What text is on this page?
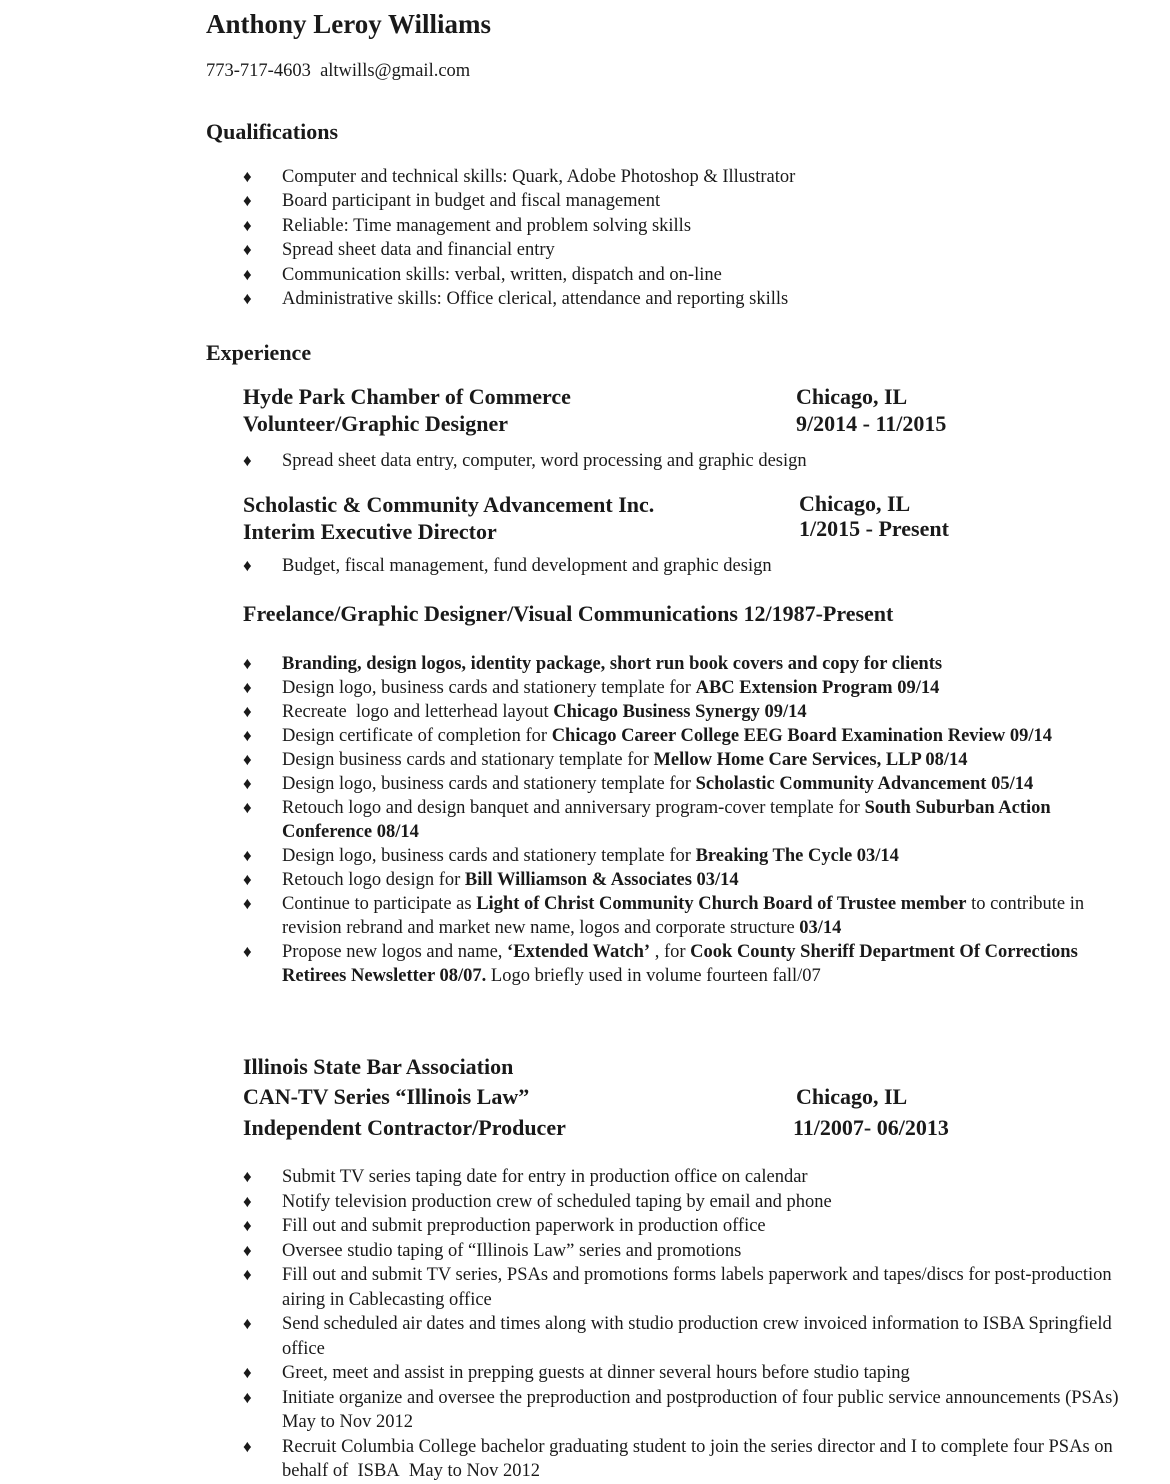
Anthony Leroy Williams
773-717-4603  altwills@gmail.com
Qualifications
♦ Computer and technical skills: Quark, Adobe Photoshop & Illustrator
♦ Board participant in budget and fiscal management
♦ Reliable: Time management and problem solving skills
♦ Spread sheet data and financial entry
♦ Communication skills: verbal, written, dispatch and on-line
♦ Administrative skills: Office clerical, attendance and reporting skills
Experience
Hyde Park Chamber of Commerce	Chicago, IL
Volunteer/Graphic Designer	9/2014 - 11/2015
♦ Spread sheet data entry, computer, word processing and graphic design
Scholastic & Community Advancement Inc.	Chicago, IL
Interim Executive Director	1/2015 - Present
♦ Budget, fiscal management, fund development and graphic design
Freelance/Graphic Designer/Visual Communications 12/1987-Present
♦ Branding, design logos, identity package, short run book covers and copy for clients
♦ Design logo, business cards and stationery template for ABC Extension Program 09/14
♦ Recreate  logo and letterhead layout Chicago Business Synergy 09/14
♦ Design certificate of completion for Chicago Career College EEG Board Examination Review 09/14
♦ Design business cards and stationary template for Mellow Home Care Services, LLP 08/14
♦ Design logo, business cards and stationery template for Scholastic Community Advancement 05/14
♦ Retouch logo and design banquet and anniversary program-cover template for South Suburban Action Conference 08/14
♦ Design logo, business cards and stationery template for Breaking The Cycle 03/14
♦ Retouch logo design for Bill Williamson & Associates 03/14
♦ Continue to participate as Light of Christ Community Church Board of Trustee member to contribute in revision rebrand and market new name, logos and corporate structure 03/14
♦ Propose new logos and name, ‘Extended Watch’ , for Cook County Sheriff Department Of Corrections Retirees Newsletter 08/07. Logo briefly used in volume fourteen fall/07
Illinois State Bar Association
CAN-TV Series “Illinois Law”	Chicago, IL
Independent Contractor/Producer	11/2007- 06/2013
♦ Submit TV series taping date for entry in production office on calendar
♦ Notify television production crew of scheduled taping by email and phone
♦ Fill out and submit preproduction paperwork in production office
♦ Oversee studio taping of “Illinois Law” series and promotions
♦ Fill out and submit TV series, PSAs and promotions forms labels paperwork and tapes/discs for post-production airing in Cablecasting office
♦ Send scheduled air dates and times along with studio production crew invoiced information to ISBA Springfield office
♦ Greet, meet and assist in prepping guests at dinner several hours before studio taping
♦ Initiate organize and oversee the preproduction and postproduction of four public service announcements (PSAs) May to Nov 2012
♦ Recruit Columbia College bachelor graduating student to join the series director and I to complete four PSAs on behalf of  ISBA  May to Nov 2012
